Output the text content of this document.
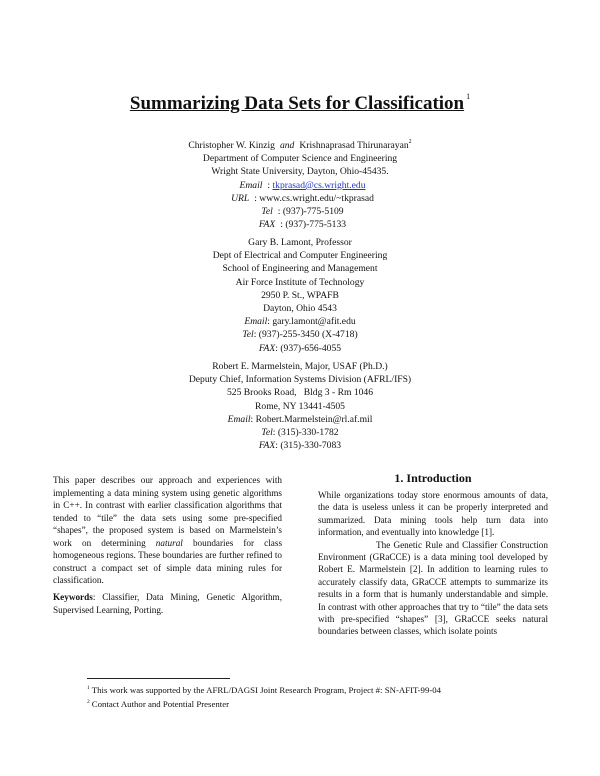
Summarizing Data Sets for Classification $^1$
Christopher W. Kinzig and Krishnaprasad Thirunarayan$^2$
Department of Computer Science and Engineering
Wright State University, Dayton, Ohio-45435.
Email : tkprasad@cs.wright.edu
URL : www.cs.wright.edu/~tkprasad
Tel : (937)-775-5109
FAX : (937)-775-5133
Gary B. Lamont, Professor
Dept of Electrical and Computer Engineering
School of Engineering and Management
Air Force Institute of Technology
2950 P. St., WPAFB
Dayton, Ohio 4543
Email: gary.lamont@afit.edu
Tel: (937)-255-3450 (X-4718)
FAX: (937)-656-4055
Robert E. Marmelstein, Major, USAF (Ph.D.)
Deputy Chief, Information Systems Division (AFRL/IFS)
525 Brooks Road,   Bldg 3 - Rm 1046
Rome, NY 13441-4505
Email: Robert.Marmelstein@rl.af.mil
Tel: (315)-330-1782
FAX: (315)-330-7083
This paper describes our approach and experiences with implementing a data mining system using genetic algorithms in C++. In contrast with earlier classification algorithms that tended to “tile” the data sets using some pre-specified “shapes”, the proposed system is based on Marmelstein’s work on determining natural boundaries for class homogeneous regions. These boundaries are further refined to construct a compact set of simple data mining rules for classification.
Keywords: Classifier, Data Mining, Genetic Algorithm, Supervised Learning, Porting.
1. Introduction

While organizations today store enormous amounts of data, the data is useless unless it can be properly interpreted and summarized. Data mining tools help turn data into information, and eventually into knowledge [1].

The Genetic Rule and Classifier Construction Environment (GRaCCE) is a data mining tool developed by Robert E. Marmelstein [2]. In addition to learning rules to accurately classify data, GRaCCE attempts to summarize its results in a form that is humanly understandable and simple. In contrast with other approaches that try to “tile” the data sets with pre-specified “shapes” [3], GRaCCE seeks natural boundaries between classes, which isolate points

$^1$ This work was supported by the AFRL/DAGSI Joint Research Program, Project #: SN-AFIT-99-04
$^2$ Contact Author and Potential Presenter
